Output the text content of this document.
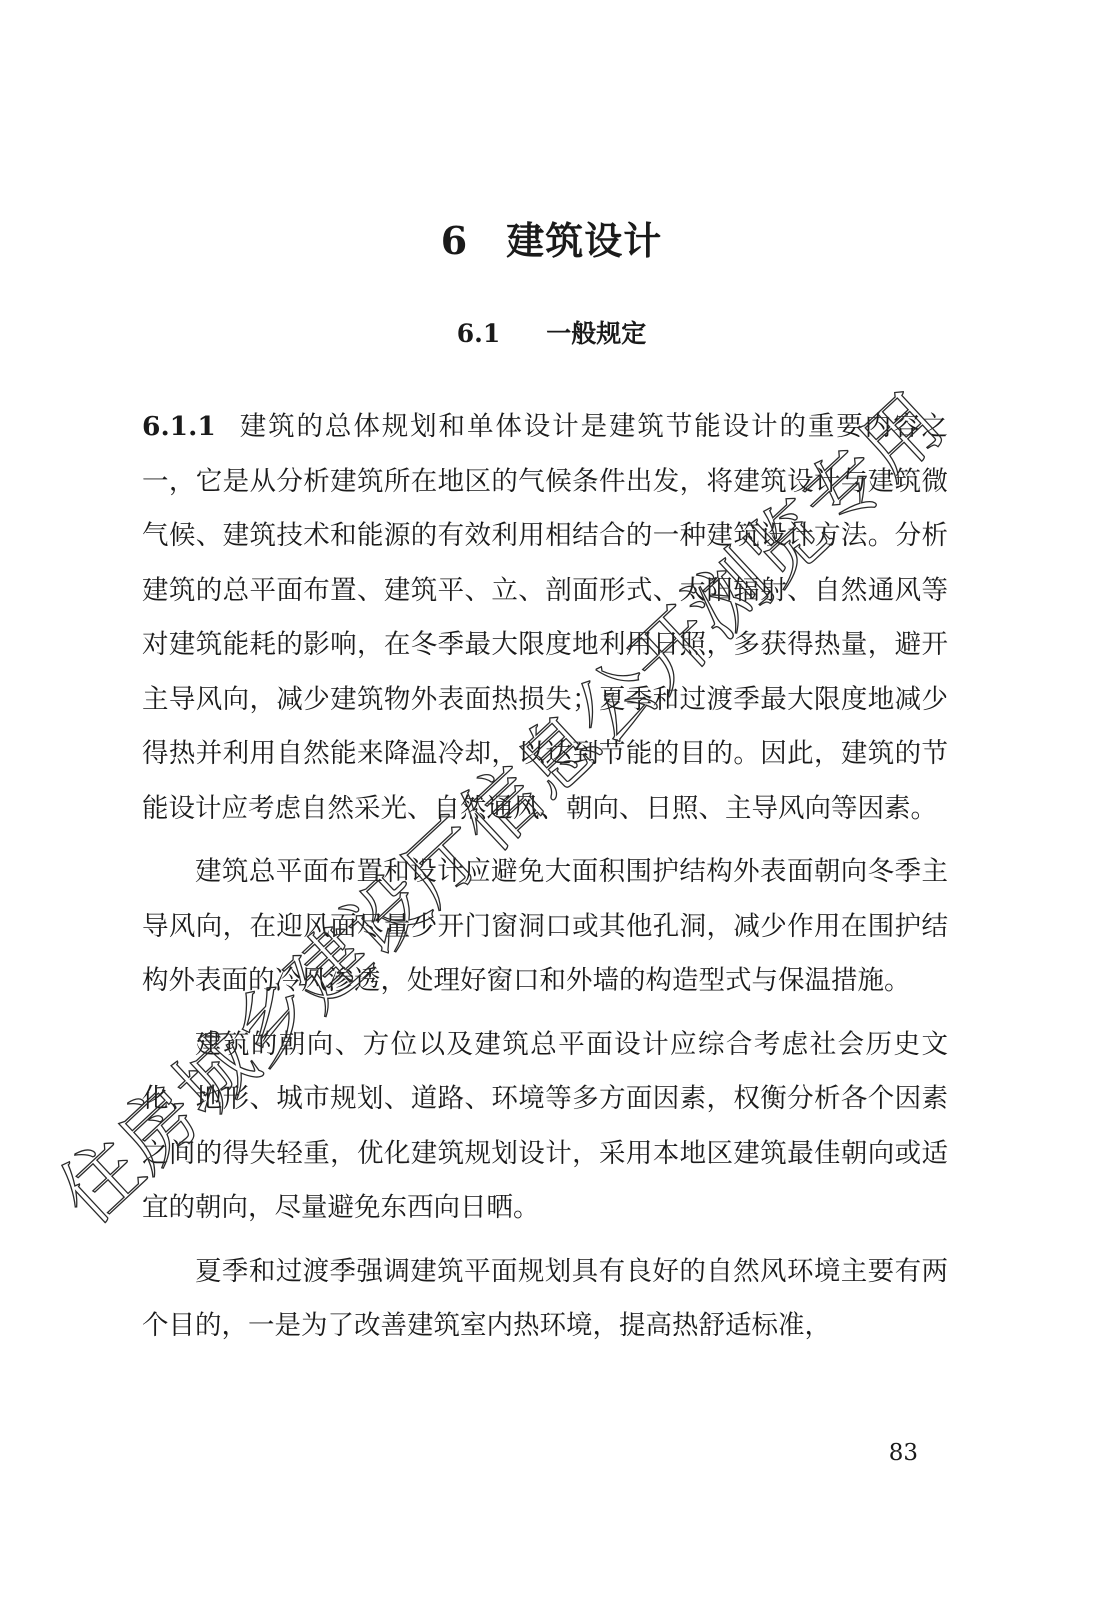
6 建筑设计
6.1 一般规定

6.1.1 建筑的总体规划和单体设计是建筑节能设计的重要内容之一，它是从分析建筑所在地区的气候条件出发，将建筑设计与建筑微气候、建筑技术和能源的有效利用相结合的一种建筑设计方法。分析建筑的总平面布置、建筑平、立、剖面形式、太阳辐射、自然通风等对建筑能耗的影响，在冬季最大限度地利用日照，多获得热量，避开主导风向，减少建筑物外表面热损失；夏季和过渡季最大限度地减少得热并利用自然能来降温冷却，以达到节能的目的。因此，建筑的节能设计应考虑自然采光、自然通风、朝向、日照、主导风向等因素。

建筑总平面布置和设计应避免大面积围护结构外表面朝向冬季主导风向，在迎风面尽量少开门窗洞口或其他孔洞，减少作用在围护结构外表面的冷风渗透，处理好窗口和外墙的构造型式与保温措施。

建筑的朝向、方位以及建筑总平面设计应综合考虑社会历史文化、地形、城市规划、道路、环境等多方面因素，权衡分析各个因素之间的得失轻重，优化建筑规划设计，采用本地区建筑最佳朝向或适宜的朝向，尽量避免东西向日晒。

夏季和过渡季强调建筑平面规划具有良好的自然风环境主要有两个目的，一是为了改善建筑室内热环境，提高热舒适标准，

83
住
房
城
乡
建
设
厅
信
息
公
开
浏
览
专
用
